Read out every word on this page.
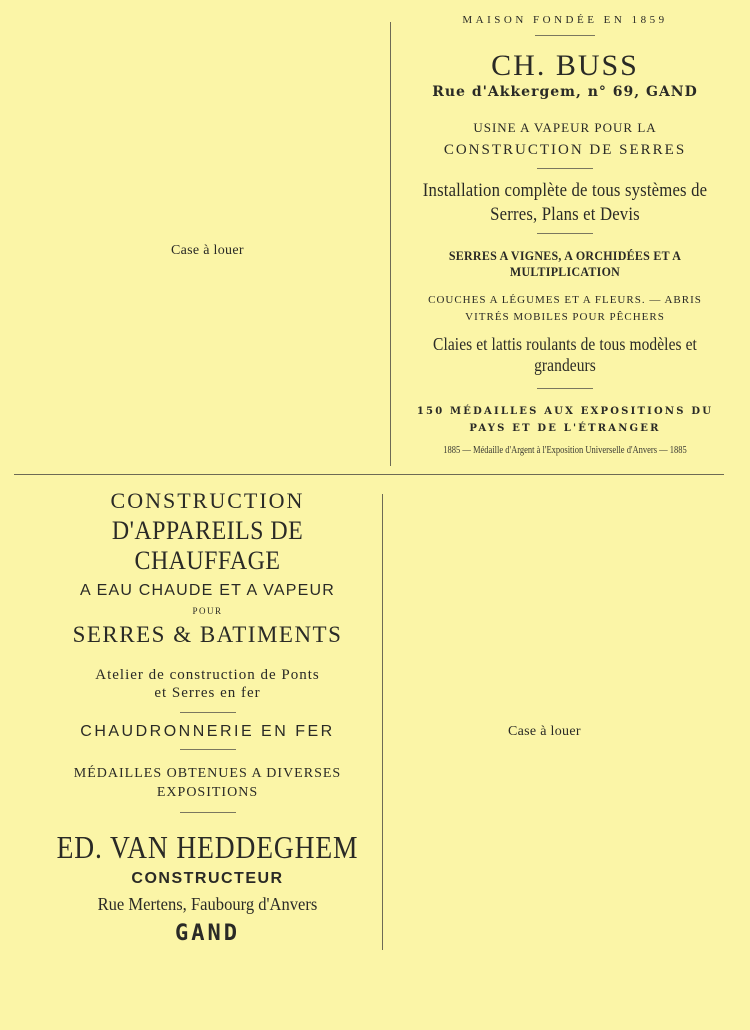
Case à louer
MAISON FONDÉE EN 1859
CH. BUSS
Rue d'Akkergem, n° 69, GAND
USINE A VAPEUR POUR LA
CONSTRUCTION DE SERRES
Installation complète de tous systèmes de
Serres, Plans et Devis
SERRES A VIGNES, A ORCHIDÉES ET A MULTIPLICATION
COUCHES A LÉGUMES ET A FLEURS. — ABRIS
VITRÉS MOBILES POUR PÊCHERS
Claies et lattis roulants de tous modèles et grandeurs
150 MÉDAILLES AUX EXPOSITIONS DU
PAYS ET DE L'ÉTRANGER
1885 — Médaille d'Argent à l'Exposition Universelle d'Anvers — 1885
CONSTRUCTION
D'APPAREILS DE CHAUFFAGE
A EAU CHAUDE ET A VAPEUR
POUR
SERRES & BATIMENTS
Atelier de construction de Ponts
et Serres en fer
CHAUDRONNERIE EN FER
MÉDAILLES OBTENUES A DIVERSES
EXPOSITIONS
ED. VAN HEDDEGHEM
CONSTRUCTEUR
Rue Mertens, Faubourg d'Anvers
GAND
Case à louer
